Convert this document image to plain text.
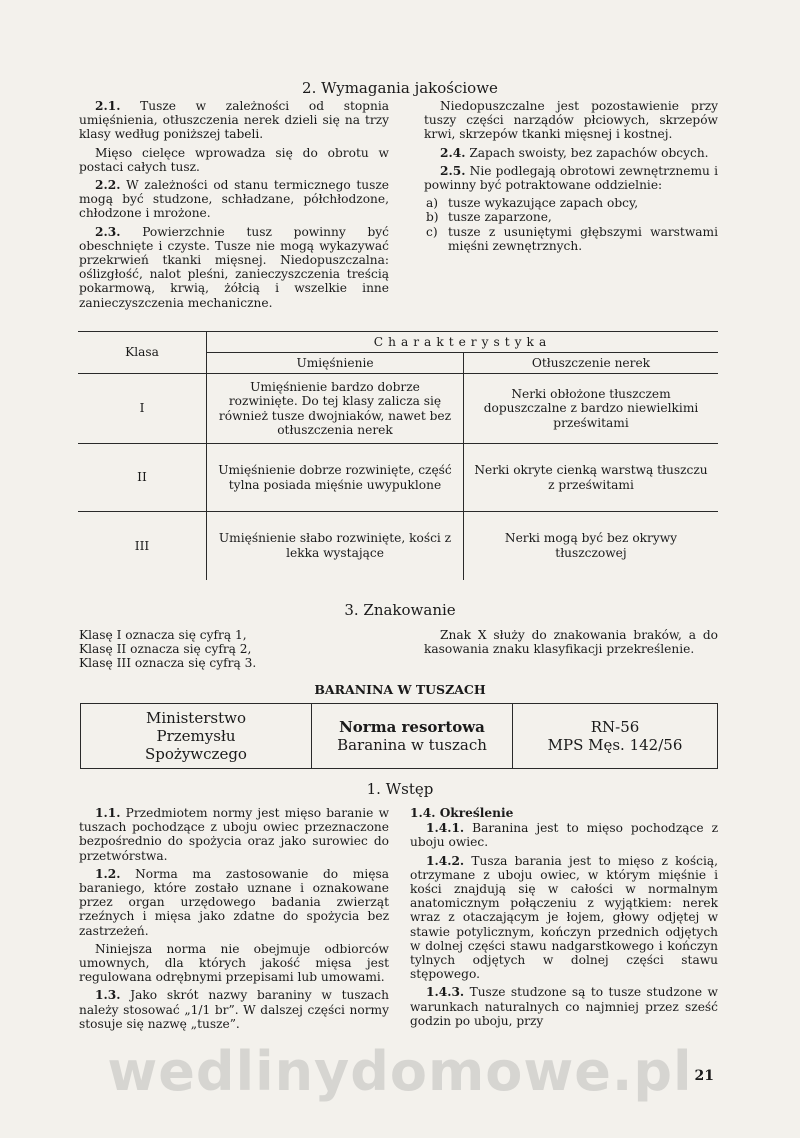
2. Wymagania jakościowe

2.1. Tusze w zależności od stopnia umięśnienia, otłuszczenia nerek dzieli się na trzy klasy według poniższej tabeli.

Mięso cielęce wprowadza się do obrotu w postaci całych tusz.

2.2. W zależności od stanu termicznego tusze mogą być studzone, schładzane, półchłodzone, chłodzone i mrożone.

2.3. Powierzchnie tusz powinny być obeschnięte i czyste. Tusze nie mogą wykazywać przekrwień tkanki mięsnej. Niedopuszczalna: oślizgłość, nalot pleśni, zanieczyszczenia treścią pokarmową, krwią, żółcią i wszelkie inne zanieczyszczenia mechaniczne.

Niedopuszczalne jest pozostawienie przy tuszy części narządów płciowych, skrzepów krwi, skrzepów tkanki mięsnej i kostnej.

2.4. Zapach swoisty, bez zapachów obcych.

2.5. Nie podlegają obrotowi zewnętrznemu i powinny być potraktowane oddzielnie:

a) tusze wykazujące zapach obcy,
b) tusze zaparzone,
c) tusze z usuniętymi głębszymi warstwami mięśni zewnętrznych.
Klasa	Charakterystyka	
	Umięśnienie	Otłuszczenie nerek
I	Umięśnienie bardzo dobrze rozwinięte. Do tej klasy zalicza się również tusze dwojniaków, nawet bez otłuszczenia nerek	Nerki obłożone tłuszczem dopuszczalne z bardzo niewielkimi prześwitami
II	Umięśnienie dobrze rozwinięte, część tylna posiada mięśnie uwypuklone	Nerki okryte cienką warstwą tłuszczu z prześwitami
III	Umięśnienie słabo rozwinięte, kości z lekka wystające	Nerki mogą być bez okrywy tłuszczowej
3. Znakowanie
Klasę I oznacza się cyfrą 1,
Klasę II oznacza się cyfrą 2,
Klasę III oznacza się cyfrą 3.

Znak X służy do znakowania braków, a do kasowania znaku klasyfikacji przekreślenie.

BARANINA W TUSZACH
Ministerstwo Przemysłu Spożywczego
Norma resortowa
Baranina w tuszach
RN-56
MPS Męs. 142/56
1. Wstęp

1.1. Przedmiotem normy jest mięso baranie w tuszach pochodzące z uboju owiec przeznaczone bezpośrednio do spożycia oraz jako surowiec do przetwórstwa.

1.2. Norma ma zastosowanie do mięsa baraniego, które zostało uznane i oznakowane przez organ urzędowego badania zwierząt rzeźnych i mięsa jako zdatne do spożycia bez zastrzeżeń.

Niniejsza norma nie obejmuje odbiorców umownych, dla których jakość mięsa jest regulowana odrębnymi przepisami lub umowami.

1.3. Jako skrót nazwy baraniny w tuszach należy stosować „1/1 br”. W dalszej części normy stosuje się nazwę „tusze”.

1.4. Określenie

1.4.1. Baranina jest to mięso pochodzące z uboju owiec.

1.4.2. Tusza barania jest to mięso z kością, otrzymane z uboju owiec, w którym mięśnie i kości znajdują się w całości w normalnym anatomicznym połączeniu z wyjątkiem: nerek wraz z otaczającym je łojem, głowy odjętej w stawie potylicznym, kończyn przednich odjętych w dolnej części stawu nadgarstkowego i kończyn tylnych odjętych w dolnej części stawu stępowego.

1.4.3. Tusze studzone są to tusze studzone w warunkach naturalnych co najmniej przez sześć godzin po uboju, przy

wedlinydomowe.pl 21
